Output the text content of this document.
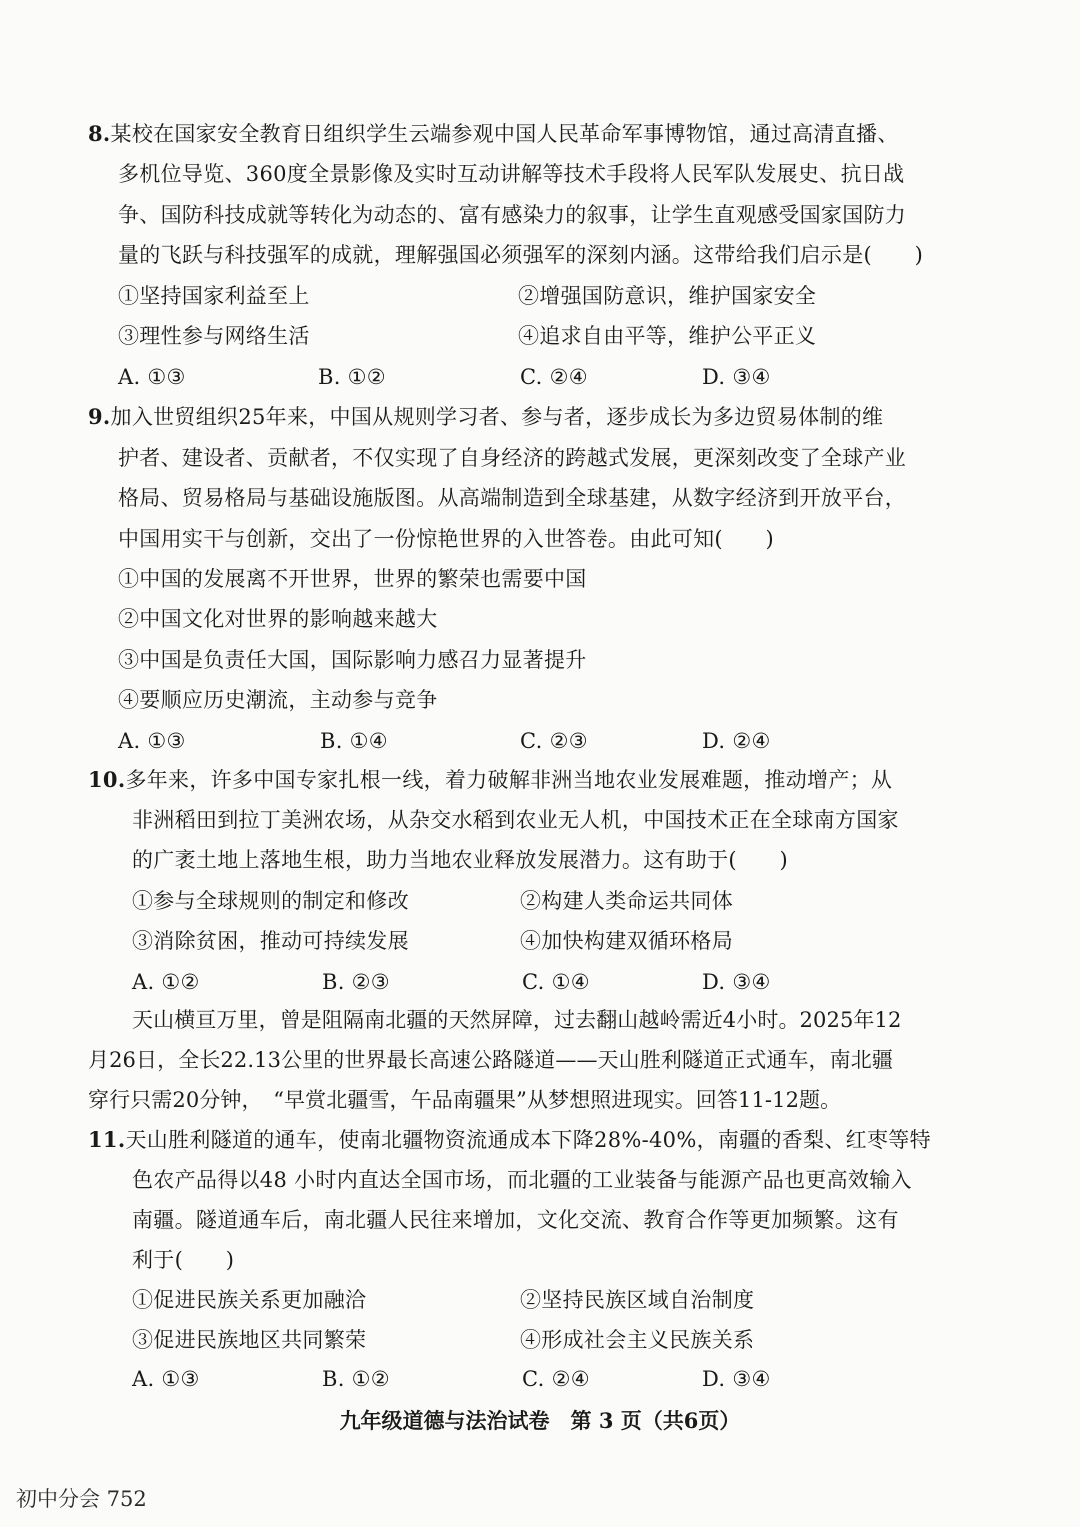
8.某校在国家安全教育日组织学生云端参观中国人民革命军事博物馆，通过高清直播、
多机位导览、360度全景影像及实时互动讲解等技术手段将人民军队发展史、抗日战
争、国防科技成就等转化为动态的、富有感染力的叙事，让学生直观感受国家国防力
量的飞跃与科技强军的成就，理解强国必须强军的深刻内涵。这带给我们启示是(　　)
①坚持国家利益至上	②增强国防意识，维护国家安全
③理性参与网络生活	④追求自由平等，维护公平正义
A. ①③	B. ①②	C. ②④	D. ③④
9.加入世贸组织25年来，中国从规则学习者、参与者，逐步成长为多边贸易体制的维
护者、建设者、贡献者，不仅实现了自身经济的跨越式发展，更深刻改变了全球产业
格局、贸易格局与基础设施版图。从高端制造到全球基建，从数字经济到开放平台，
中国用实干与创新，交出了一份惊艳世界的入世答卷。由此可知(　　)
①中国的发展离不开世界，世界的繁荣也需要中国
②中国文化对世界的影响越来越大
③中国是负责任大国，国际影响力感召力显著提升
④要顺应历史潮流，主动参与竞争
A. ①③	B. ①④	C. ②③	D. ②④
10.多年来，许多中国专家扎根一线，着力破解非洲当地农业发展难题，推动增产；从
非洲稻田到拉丁美洲农场，从杂交水稻到农业无人机，中国技术正在全球南方国家
的广袤土地上落地生根，助力当地农业释放发展潜力。这有助于(　　)
①参与全球规则的制定和修改	②构建人类命运共同体
③消除贫困，推动可持续发展	④加快构建双循环格局
A. ①②	B. ②③	C. ①④	D. ③④
天山横亘万里，曾是阻隔南北疆的天然屏障，过去翻山越岭需近4小时。2025年12
月26日，全长22.13公里的世界最长高速公路隧道——天山胜利隧道正式通车，南北疆
穿行只需20分钟，　“早赏北疆雪，午品南疆果”从梦想照进现实。回答11-12题。
11.天山胜利隧道的通车，使南北疆物资流通成本下降28%-40%，南疆的香梨、红枣等特
色农产品得以48 小时内直达全国市场，而北疆的工业装备与能源产品也更高效输入
南疆。隧道通车后，南北疆人民往来增加，文化交流、教育合作等更加频繁。这有
利于(　　)
①促进民族关系更加融洽	②坚持民族区域自治制度
③促进民族地区共同繁荣	④形成社会主义民族关系
A. ①③	B. ①②	C. ②④	D. ③④
九年级道德与法治试卷　第 3 页（共6页）
初中分会 752
